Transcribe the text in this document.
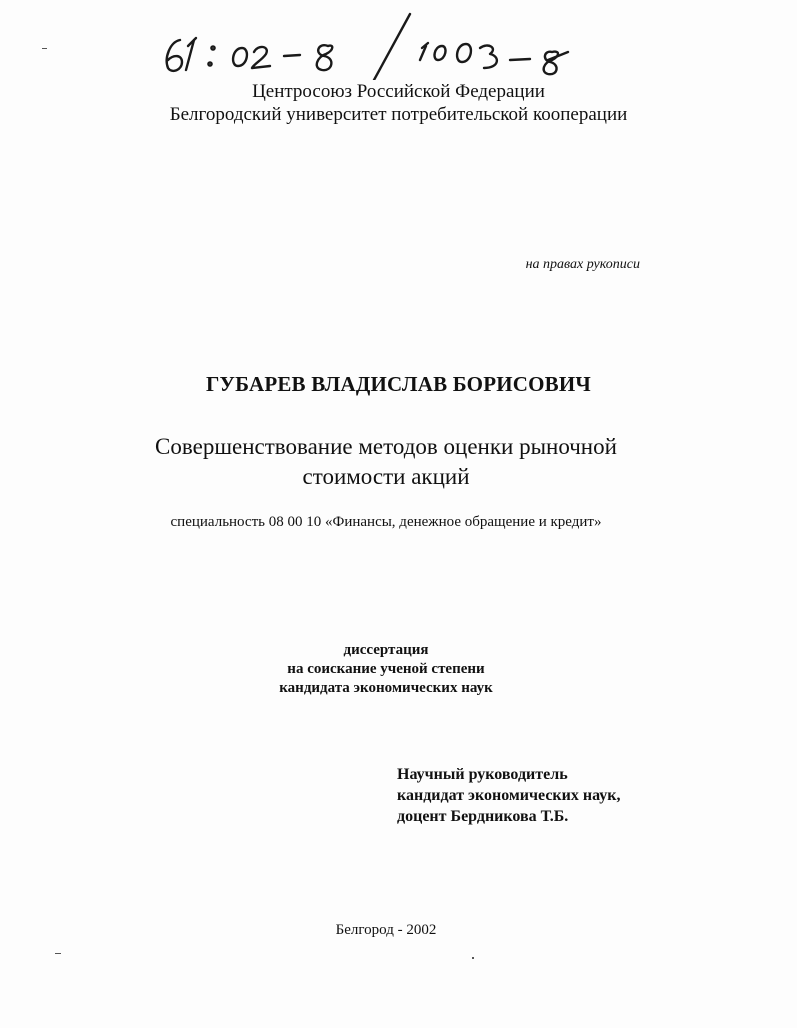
Центросоюз Российской Федерации
Белгородский университет потребительской кооперации
на правах рукописи
ГУБАРЕВ ВЛАДИСЛАВ БОРИСОВИЧ
Совершенствование методов оценки рыночной
стоимости акций
специальность 08 00 10 «Финансы, денежное обращение и кредит»
диссертация
на соискание ученой степени
кандидата экономических наук
Научный руководитель
кандидат экономических наук,
доцент Бердникова Т.Б.
Белгород - 2002
